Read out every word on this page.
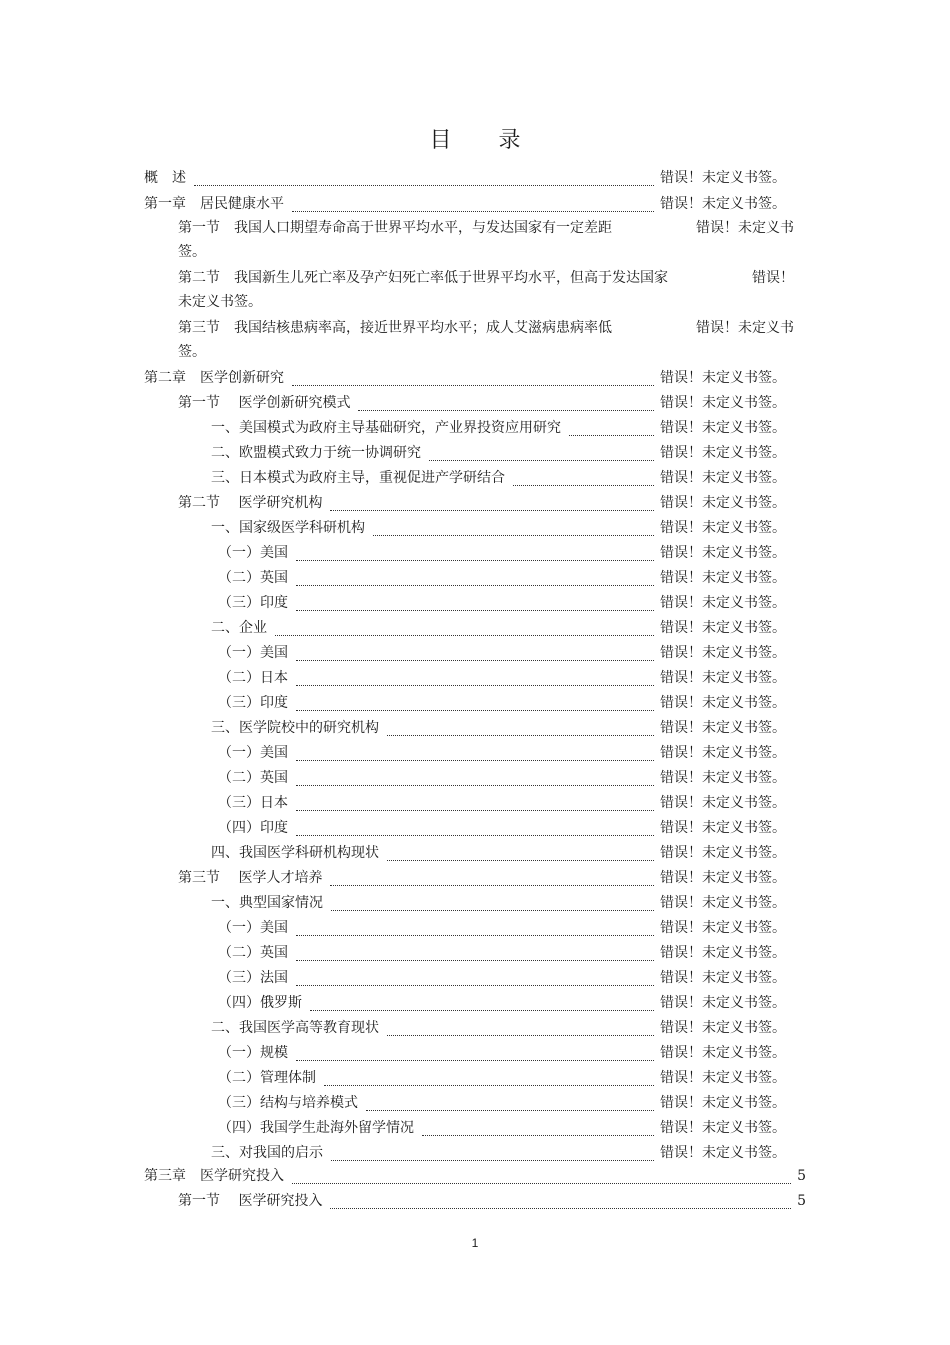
目 录
概　述	错误！未定义书签。
第一章　居民健康水平	错误！未定义书签。
第一节　我国人口期望寿命高于世界平均水平，与发达国家有一定差距	错误！未定义书
签。
第二节　我国新生儿死亡率及孕产妇死亡率低于世界平均水平，但高于发达国家	错误！
未定义书签。
第三节　我国结核患病率高，接近世界平均水平；成人艾滋病患病率低	错误！未定义书
签。
第二章　医学创新研究	错误！未定义书签。
第一节　 医学创新研究模式	错误！未定义书签。
一、美国模式为政府主导基础研究，产业界投资应用研究	错误！未定义书签。
二、欧盟模式致力于统一协调研究	错误！未定义书签。
三、日本模式为政府主导，重视促进产学研结合	错误！未定义书签。
第二节　 医学研究机构	错误！未定义书签。
一、国家级医学科研机构	错误！未定义书签。
（一）美国	错误！未定义书签。
（二）英国	错误！未定义书签。
（三）印度	错误！未定义书签。
二、企业	错误！未定义书签。
（一）美国	错误！未定义书签。
（二）日本	错误！未定义书签。
（三）印度	错误！未定义书签。
三、医学院校中的研究机构	错误！未定义书签。
（一）美国	错误！未定义书签。
（二）英国	错误！未定义书签。
（三）日本	错误！未定义书签。
（四）印度	错误！未定义书签。
四、我国医学科研机构现状	错误！未定义书签。
第三节　 医学人才培养	错误！未定义书签。
一、典型国家情况	错误！未定义书签。
（一）美国	错误！未定义书签。
（二）英国	错误！未定义书签。
（三）法国	错误！未定义书签。
（四）俄罗斯	错误！未定义书签。
二、我国医学高等教育现状	错误！未定义书签。
（一）规模	错误！未定义书签。
（二）管理体制	错误！未定义书签。
（三）结构与培养模式	错误！未定义书签。
（四）我国学生赴海外留学情况	错误！未定义书签。
三、对我国的启示	错误！未定义书签。
第三章　医学研究投入	5
第一节　 医学研究投入	5
1
